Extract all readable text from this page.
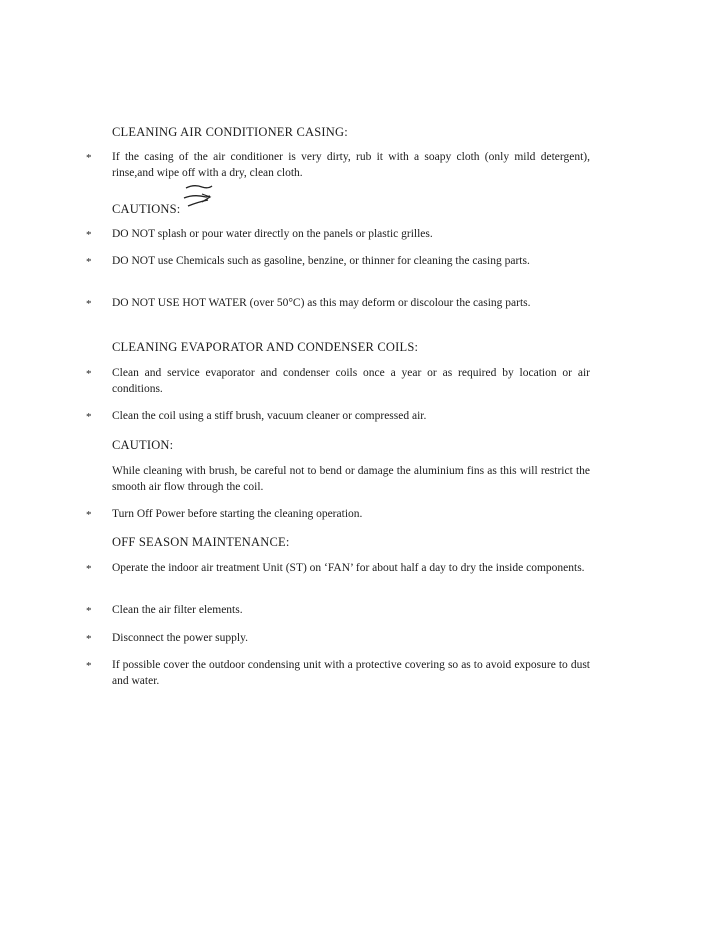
CLEANING AIR CONDITIONER CASING:
* If the casing of the air conditioner is very dirty, rub it with a soapy cloth (only mild detergent), rinse,and wipe off with a dry, clean cloth.
CAUTIONS:
* DO NOT splash or pour water directly on the panels or plastic grilles.
* DO NOT use Chemicals such as gasoline, benzine, or thinner for cleaning the casing parts.
* DO NOT USE HOT WATER (over 50°C) as this may deform or discolour the casing parts.
CLEANING EVAPORATOR AND CONDENSER COILS:
* Clean and service evaporator and condenser coils once a year or as required by location or air conditions.
* Clean the coil using a stiff brush, vacuum cleaner or compressed air.
CAUTION:
While cleaning with brush, be careful not to bend or damage the aluminium fins as this will restrict the smooth air flow through the coil.
* Turn Off Power before starting the cleaning operation.
OFF SEASON MAINTENANCE:
* Operate the indoor air treatment Unit (ST) on ‘FAN’ for about half a day to dry the inside components.
* Clean the air filter elements.
* Disconnect the power supply.
* If possible cover the outdoor condensing unit with a protective covering so as to avoid exposure to dust and water.
